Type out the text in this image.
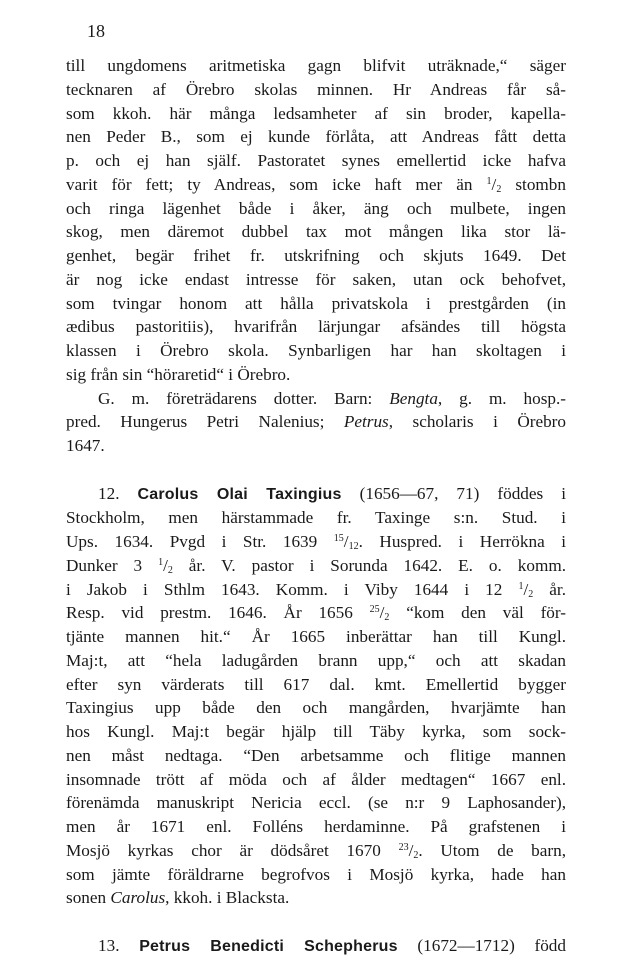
18
till ungdomens aritmetiska gagn blifvit uträknade,“ säger
tecknaren af Örebro skolas minnen. Hr Andreas får så-
som kkoh. här många ledsamheter af sin broder, kapella-
nen Peder B., som ej kunde förlåta, att Andreas fått detta
p. och ej han själf. Pastoratet synes emellertid icke hafva
varit för fett; ty Andreas, som icke haft mer än $^1/_2$ stombn
och ringa lägenhet både i åker, äng och mulbete, ingen
skog, men däremot dubbel tax mot mången lika stor lä-
genhet, begär frihet fr. utskrifning och skjuts 1649. Det
är nog icke endast intresse för saken, utan ock behofvet,
som tvingar honom att hålla privatskola i prestgården (in
ædibus pastoritiis), hvarifrån lärjungar afsändes till högsta
klassen i Örebro skola. Synbarligen har han skoltagen i
sig från sin “höraretid“ i Örebro.
G. m. företrädarens dotter. Barn: Bengta, g. m. hosp.-
pred. Hungerus Petri Nalenius; Petrus, scholaris i Örebro
1647.
12. Carolus Olai Taxingius (1656—67, 71) föddes i
Stockholm, men härstammade fr. Taxinge s:n. Stud. i
Ups. 1634. Pvgd i Str. 1639 $^{15}/_{12}$. Huspred. i Herrökna i
Dunker 3 $^1/_2$ år. V. pastor i Sorunda 1642. E. o. komm.
i Jakob i Sthlm 1643. Komm. i Viby 1644 i 12 $^1/_2$ år.
Resp. vid prestm. 1646. År 1656 $^{25}/_2$ “kom den väl för-
tjänte mannen hit.“ År 1665 inberättar han till Kungl.
Maj:t, att “hela ladugården brann upp,“ och att skadan
efter syn värderats till 617 dal. kmt. Emellertid bygger
Taxingius upp både den och mangården, hvarjämte han
hos Kungl. Maj:t begär hjälp till Täby kyrka, som sock-
nen måst nedtaga. “Den arbetsamme och flitige mannen
insomnade trött af möda och af ålder medtagen“ 1667 enl.
förenämda manuskript Nericia eccl. (se n:r 9 Laphosander),
men år 1671 enl. Folléns herdaminne. På grafstenen i
Mosjö kyrkas chor är dödsåret 1670 $^{23}/_2$. Utom de barn,
som jämte föräldrarne begrofvos i Mosjö kyrka, hade han
sonen Carolus, kkoh. i Blacksta.
13. Petrus Benedicti Schepherus (1672—1712) född
